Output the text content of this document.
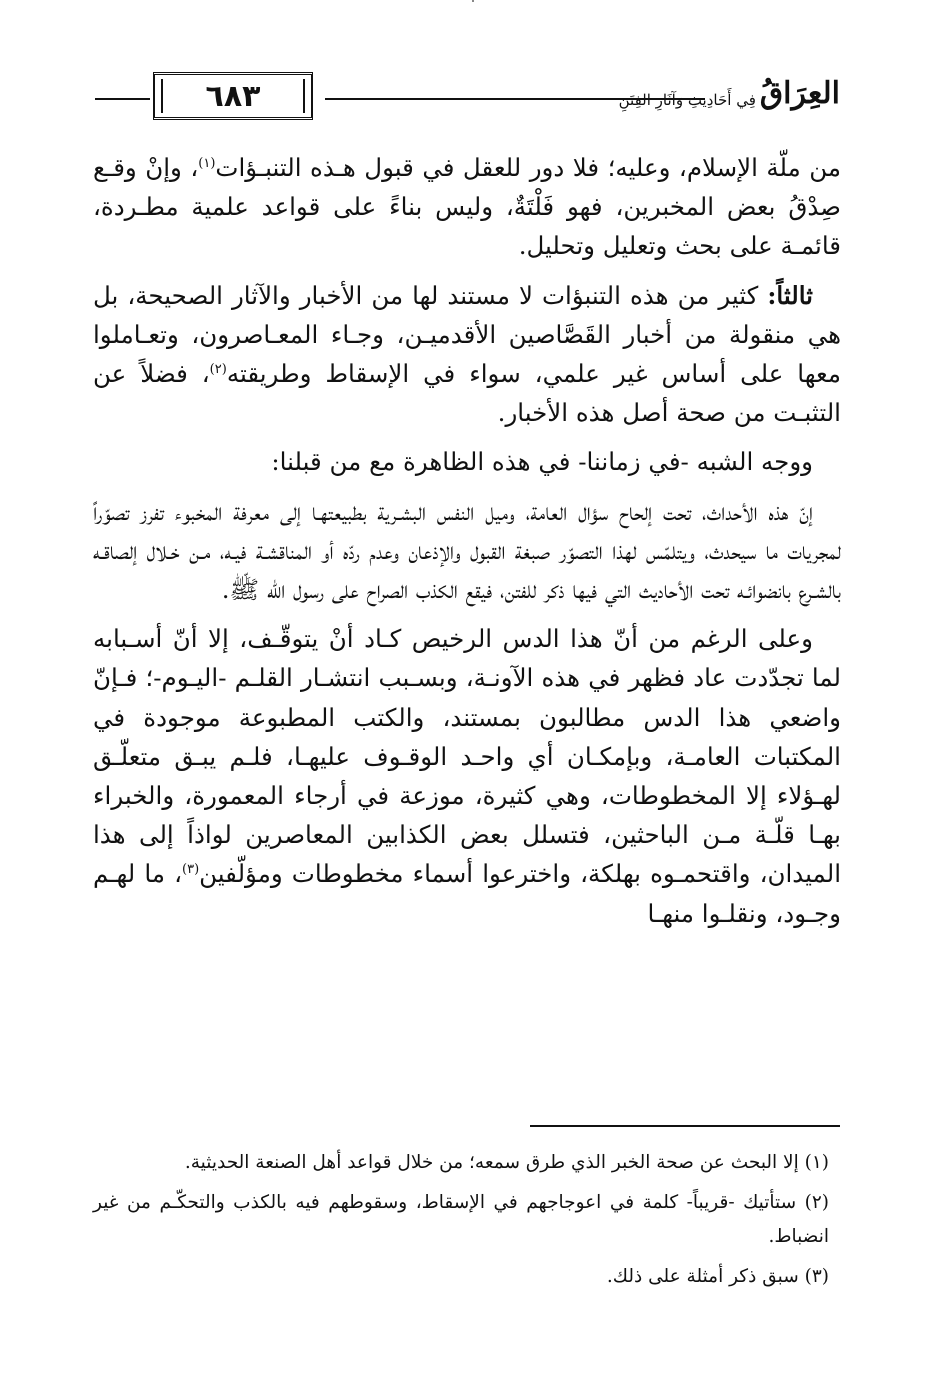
٦٨٣	العِرَاقُ
فِي أَحَادِيثِ وَآثَارِ الفِتَنِ

من ملّة الإسلام، وعليه؛ فلا دور للعقل في قبول هـذه التنبـؤات$^{(١)}$، وإنْ وقـع صِدْقُ بعض المخبرين، فهو فَلْتَةٌ، وليس بناءً على قواعد علمية مطـردة، قائمـة على بحث وتعليل وتحليل.

ثالثاً: كثير من هذه التنبؤات لا مستند لها من الأخبار والآثار الصحيحة، بل هي منقولة من أخبار القَصَّاصين الأقدميـن، وجـاء المعـاصرون، وتعـاملوا معها على أساس غير علمي، سواء في الإسقاط وطريقته$^{(٢)}$، فضلاً عن التثبـت من صحة أصل هذه الأخبار.

ووجه الشبه -في زماننا- في هذه الظاهرة مع من قبلنا:

إنّ هذه الأحداث، تحت إلحاح سؤال العامة، وميل النفس البشـرية بطبيعتهـا إلى معرفة المخبوء تفرز تصوّراً لمجريات ما سيحدث، ويتلمّس لهذا التصوّر صبغة القبول والإذعان وعدم ردّه أو المناقشـة فيـه، مـن خـلال إلصاقـه بالشـرع بانضوائـه تحت الأحاديث التي فيها ذكر للفتن، فيقع الكذب الصراح على رسول الله ﷺ.

وعلى الرغم من أنّ هذا الدس الرخيص كـاد أنْ يتوقّـف، إلا أنّ أسـبابه لما تجدّدت عاد فظهر في هذه الآونـة، وبسـبب انتشـار القلـم -اليـوم-؛ فـإنّ واضعي هذا الدس مطالبون بمستند، والكتب المطبوعة موجودة في المكتبات العامـة، وبإمكـان أي واحـد الوقـوف عليهـا، فلـم يبـق متعلّـق لهـؤلاء إلا المخطوطات، وهي كثيرة، موزعة في أرجاء المعمورة، والخبراء بهـا قلّـة مـن الباحثين، فتسلل بعض الكذابين المعاصرين لواذاً إلى هذا الميدان، واقتحمـوه بهلكة، واخترعوا أسماء مخطوطات ومؤلّفين$^{(٣)}$، ما لهـم وجـود، ونقلـوا منهـا

(١) إلا البحث عن صحة الخبر الذي طرق سمعه؛ من خلال قواعد أهل الصنعة الحديثية.

(٢) ستأتيك -قريباً- كلمة في اعوجاجهم في الإسقاط، وسقوطهم فيه بالكذب والتحكّـم من غير انضباط.

(٣) سبق ذكر أمثلة على ذلك.
